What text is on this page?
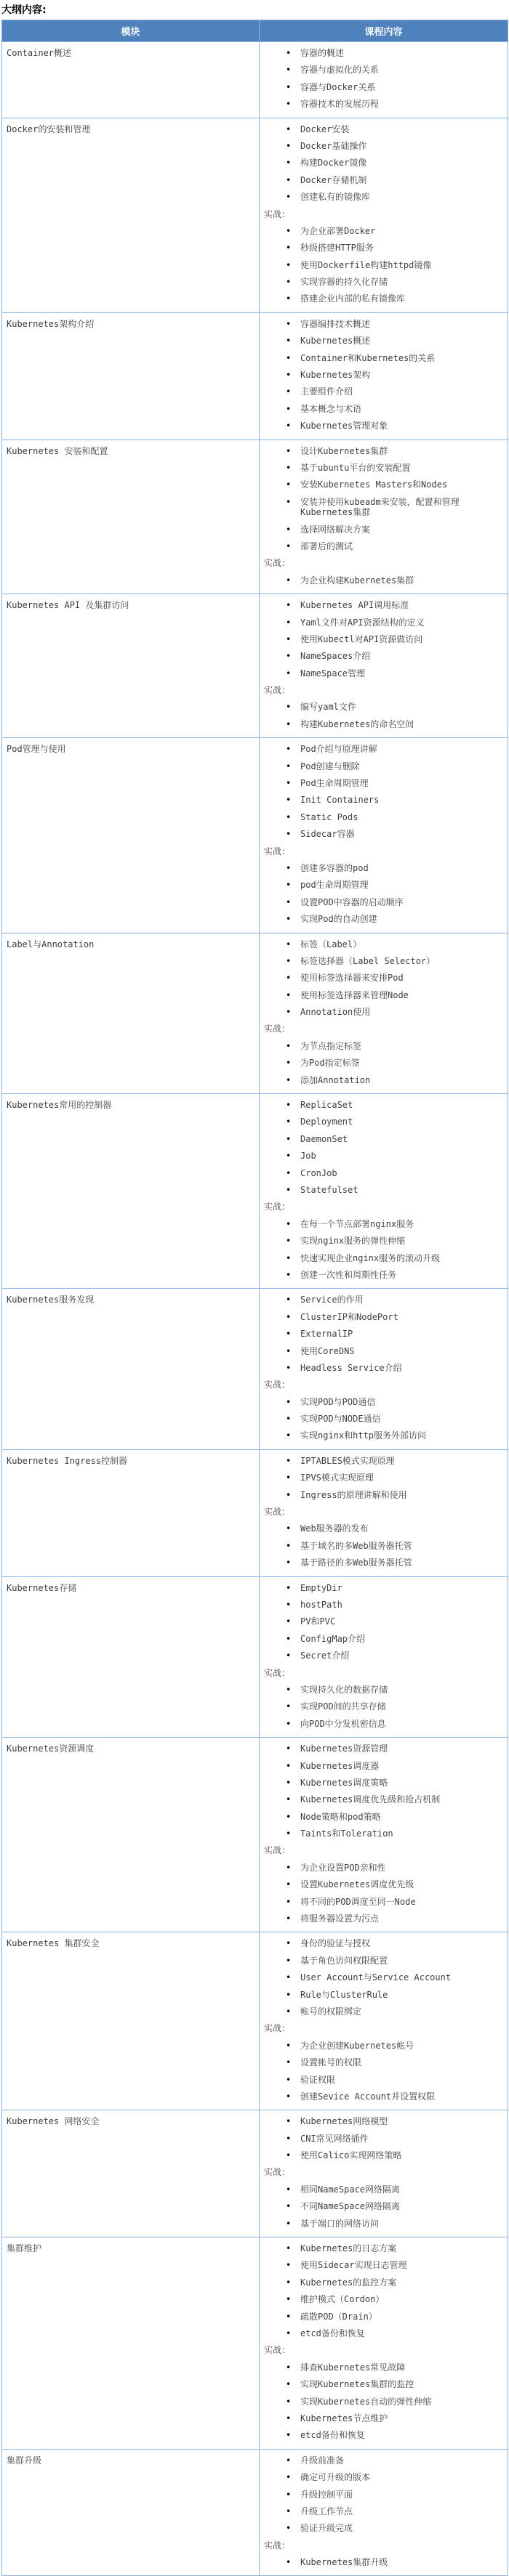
大纲内容:
模块	课程内容
Container概述	
•容器的概述
• 容器与虚拟化的关系
• 容器与Docker关系
• 容器技术的发展历程

Docker的安装和管理	
•Docker安装
• Docker基础操作
• 构建Docker镜像
• Docker存储机制
• 创建私有的镜像库
实战：
• 为企业部署Docker
• 秒级搭建HTTP服务
• 使用Dockerfile构建httpd镜像
• 实现容器的持久化存储
• 搭建企业内部的私有镜像库

Kubernetes架构介绍	
•容器编排技术概述
• Kubernetes概述
• Container和Kubernetes的关系
• Kubernetes架构
• 主要组件介绍
• 基本概念与术语
• Kubernetes管理对象

Kubernetes 安装和配置	
•设计Kubernetes集群
• 基于ubuntu平台的安装配置
• 安装Kubernetes Masters和Nodes
• 安装并使用kubeadm来安装，配置和管理Kubernetes集群
• 选择网络解决方案
• 部署后的测试
实战：
• 为企业构建Kubernetes集群

Kubernetes API 及集群访问	
•Kubernetes API调用标准
• Yaml文件对API资源结构的定义
• 使用Kubectl对API资源做访问
• NameSpaces介绍
• NameSpace管理
实战：
• 编写yaml文件
• 构建Kubernetes的命名空间

Pod管理与使用	
•Pod介绍与原理讲解
• Pod创建与删除
• Pod生命周期管理
• Init Containers
• Static Pods
• Sidecar容器
实战：
• 创建多容器的pod
• pod生命周期管理
• 设置POD中容器的启动顺序
• 实现Pod的自动创建

Label与Annotation	
•标签（Label）
• 标签选择器（Label Selector）
• 使用标签选择器来安排Pod
• 使用标签选择器来管理Node
• Annotation使用
实战：
• 为节点指定标签
• 为Pod指定标签
• 添加Annotation

Kubernetes常用的控制器	
•ReplicaSet
• Deployment
• DaemonSet
• Job
• CronJob
• Statefulset
实战：
• 在每一个节点部署nginx服务
• 实现nginx服务的弹性伸缩
• 快速实现企业nginx服务的滚动升级
• 创建一次性和周期性任务

Kubernetes服务发现	
•Service的作用
• ClusterIP和NodePort
• ExternalIP
• 使用CoreDNS
• Headless Service介绍
实战：
• 实现POD与POD通信
• 实现POD与NODE通信
• 实现nginx和http服务外部访问

Kubernetes Ingress控制器	
•IPTABLES模式实现原理
• IPVS模式实现原理
• Ingress的原理讲解和使用
实战：
• Web服务器的发布
• 基于域名的多Web服务器托管
• 基于路径的多Web服务器托管

Kubernetes存储	
•EmptyDir
• hostPath
• PV和PVC
• ConfigMap介绍
• Secret介绍
实战：
• 实现持久化的数据存储
• 实现POD间的共享存储
• 向POD中分发机密信息

Kubernetes资源调度	
•Kubernetes资源管理
• Kubernetes调度器
• Kubernetes调度策略
• Kubernetes调度优先级和抢占机制
• Node策略和pod策略
• Taints和Toleration
实战：
• 为企业设置POD亲和性
• 设置Kubernetes调度优先级
• 将不同的POD调度至同一Node
• 将服务器设置为污点

Kubernetes 集群安全	
•身份的验证与授权
• 基于角色访问权限配置
• User Account与Service Account
• Rule与ClusterRule
• 帐号的权限绑定
实战：
• 为企业创建Kubernetes帐号
• 设置帐号的权限
• 验证权限
• 创建Sevice Account并设置权限

Kubernetes 网络安全	
•Kubernetes网络模型
• CNI常见网络插件
• 使用Calico实现网络策略
实战：
• 相同NameSpace网络隔离
• 不同NameSpace网络隔离
• 基于端口的网络访问

集群维护	
•Kubernetes的日志方案
• 使用Sidecar实现日志管理
• Kubernetes的监控方案
• 维护模式（Cordon）
• 疏散POD（Drain）
• etcd备份和恢复
实战：
• 排查Kubernetes常见故障
• 实现Kubernetes集群的监控
• 实现Kubernetes自动的弹性伸缩
• Kubernetes节点维护
• etcd备份和恢复

集群升级	
•升级前准备
• 确定可升级的版本
• 升级控制平面
• 升级工作节点
• 验证升级完成
实战：
• Kubernetes集群升级
